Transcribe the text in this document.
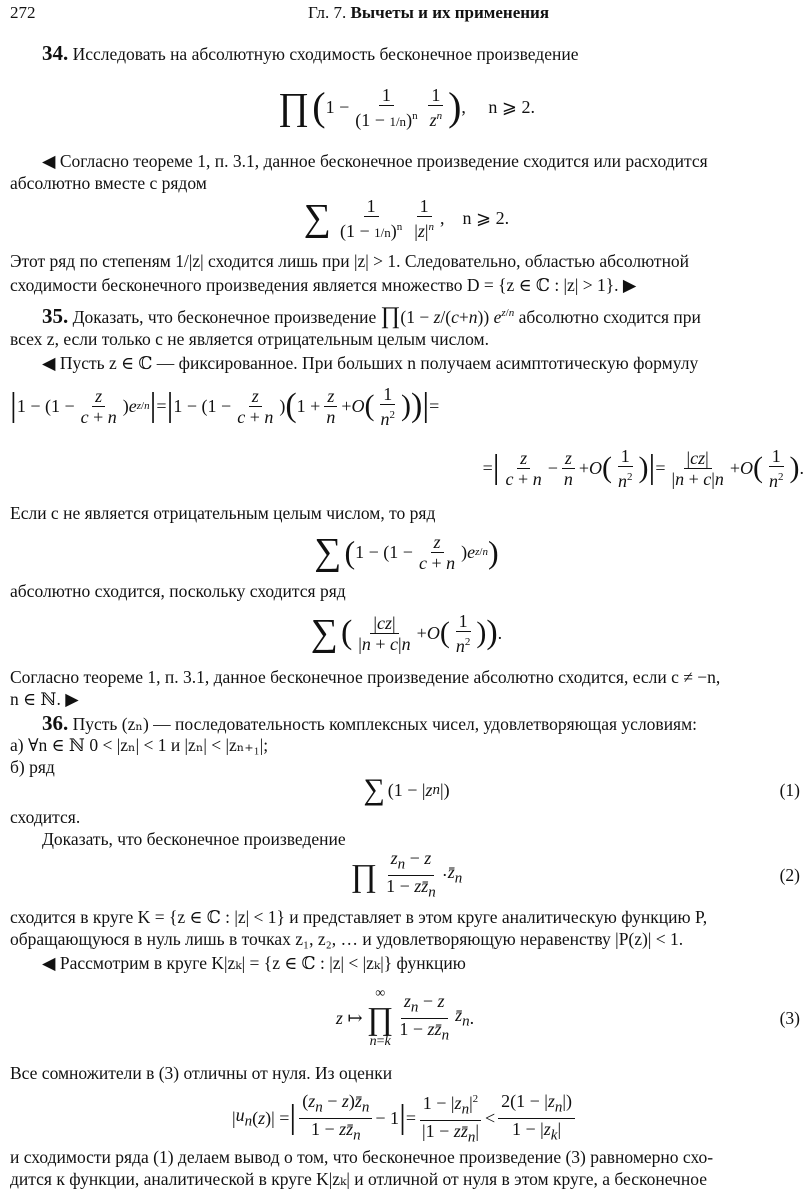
272	Гл. 7. Вычеты и их применения
34. Исследовать на абсолютную сходимость бесконечное произведение
∏ ( $1 - \frac{1}{(1 - 1/n)^n} \frac{1}{z^n}$ ) , n ⩾ 2.
◀ Согласно теореме 1, п. 3.1, данное бесконечное произведение сходится или расходится
абсолютно вместе с рядом
∑ $\frac{1}{(1 - 1/n)^n} \frac{1}{|z|^n}$ , n ⩾ 2.
Этот ряд по степеням 1/|z| сходится лишь при |z| > 1. Следовательно, областью абсолютной
сходимости бесконечного произведения является множество D = {z ∈ ℂ : |z| > 1}. ▶
35. Доказать, что бесконечное произведение ∏(1 − z/(c+n)) $e^{z/n}$ абсолютно сходится при
всех z, если только c не является отрицательным целым числом.
◀ Пусть z ∈ ℂ — фиксированное. При больших n получаем асимптотическую формулу
| $1 - (1 - \frac{z}{c + n}$ ) e z/n | = | $1 - (1 - \frac{z}{c + n}$ ) ( $1 + \frac{z}{n} + O$ ( $\frac{1}{n^2}$ ) ) | =
= | $\frac{z}{c + n} - \frac{z}{n} + O$ ( $\frac{1}{n^2}$ ) | = $\frac{|cz|}{|n + c|n} + O$ ( $\frac{1}{n^2}$ ) .
Если c не является отрицательным целым числом, то ряд
∑ ( $1 - (1 - \frac{z}{c + n}$ ) e z/n )
абсолютно сходится, поскольку сходится ряд
∑ ( $\frac{|cz|}{|n + c|n} + O$ ( $\frac{1}{n^2}$ ) ) .
Согласно теореме 1, п. 3.1, данное бесконечное произведение абсолютно сходится, если c ≠ −n,
n ∈ ℕ. ▶
36. Пусть (zₙ) — последовательность комплексных чисел, удовлетворяющая условиям:
а) ∀n ∈ ℕ 0 < |zₙ| < 1 и |zₙ| < |zₙ₊₁|;
б) ряд
∑ (1 − | z n |)	(1)
сходится.
Доказать, что бесконечное произведение
∏ $\frac{z_n - z}{1 - zz̄_n}$ · $z̄_n$	(2)
сходится в круге K = {z ∈ ℂ : |z| < 1} и представляет в этом круге аналитическую функцию P,
обращающуюся в нуль лишь в точках z₁, z₂, … и удовлетворяющую неравенству |P(z)| < 1.
◀ Рассмотрим в круге K|zₖ| = {z ∈ ℂ : |z| < |zₖ|} функцию
z ↦
∞
∏
$n=k \frac{z_n - z}{1 - zz̄_n}$ $z̄_n$ .	(3)
Все сомножители в (3) отличны от нуля. Из оценки
| $u_n$ ( z )| = | $\frac{(z_n - z)z̄_n}{1 - zz̄_n} - 1$ | = $\frac{1 - |z_n|^2}{|1 - zz̄_n|} < \frac{2(1 - |z_n|)}{1 - |z_k|}$
и сходимости ряда (1) делаем вывод о том, что бесконечное произведение (3) равномерно схо-
дится к функции, аналитической в круге K|zₖ| и отличной от нуля в этом круге, а бесконечное
